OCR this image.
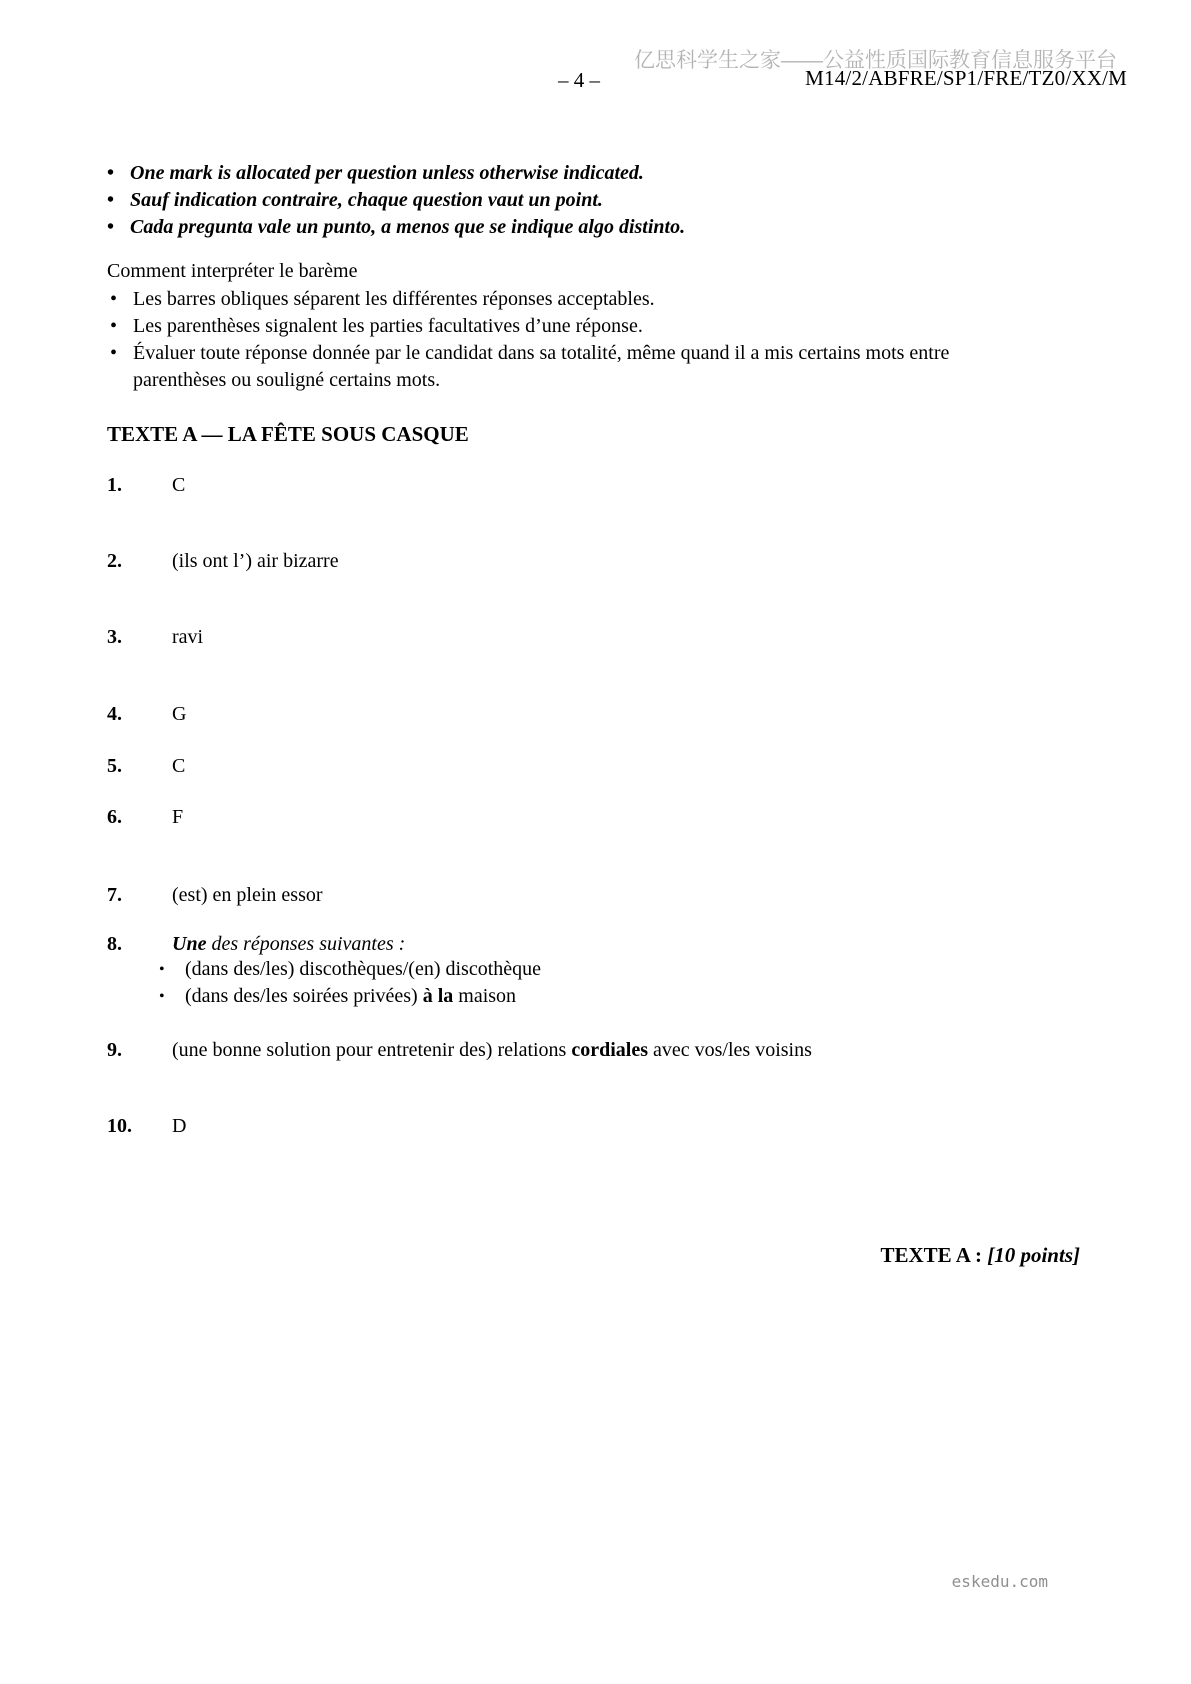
亿思科学生之家——公益性质国际教育信息服务平台
– 4 –	M14/2/ABFRE/SP1/FRE/TZ0/XX/M
• One mark is allocated per question unless otherwise indicated.
• Sauf indication contraire, chaque question vaut un point.
• Cada pregunta vale un punto, a menos que se indique algo distinto.
Comment interpréter le barème
• Les barres obliques séparent les différentes réponses acceptables.
• Les parenthèses signalent les parties facultatives d’une réponse.
• Évaluer toute réponse donnée par le candidat dans sa totalité, même quand il a mis certains mots entre parenthèses ou souligné certains mots.
TEXTE A — LA FÊTE SOUS CASQUE
1.	C
2.	(ils ont l’) air bizarre
3.	ravi
4.	G
5.	C
6.	F
7.	(est) en plein essor
8.	Une des réponses suivantes :
•	(dans des/les) discothèques/(en) discothèque
•	(dans des/les soirées privées) à la maison
9.	(une bonne solution pour entretenir des) relations cordiales avec vos/les voisins
10.	D
TEXTE A : [10 points]
eskedu.com
